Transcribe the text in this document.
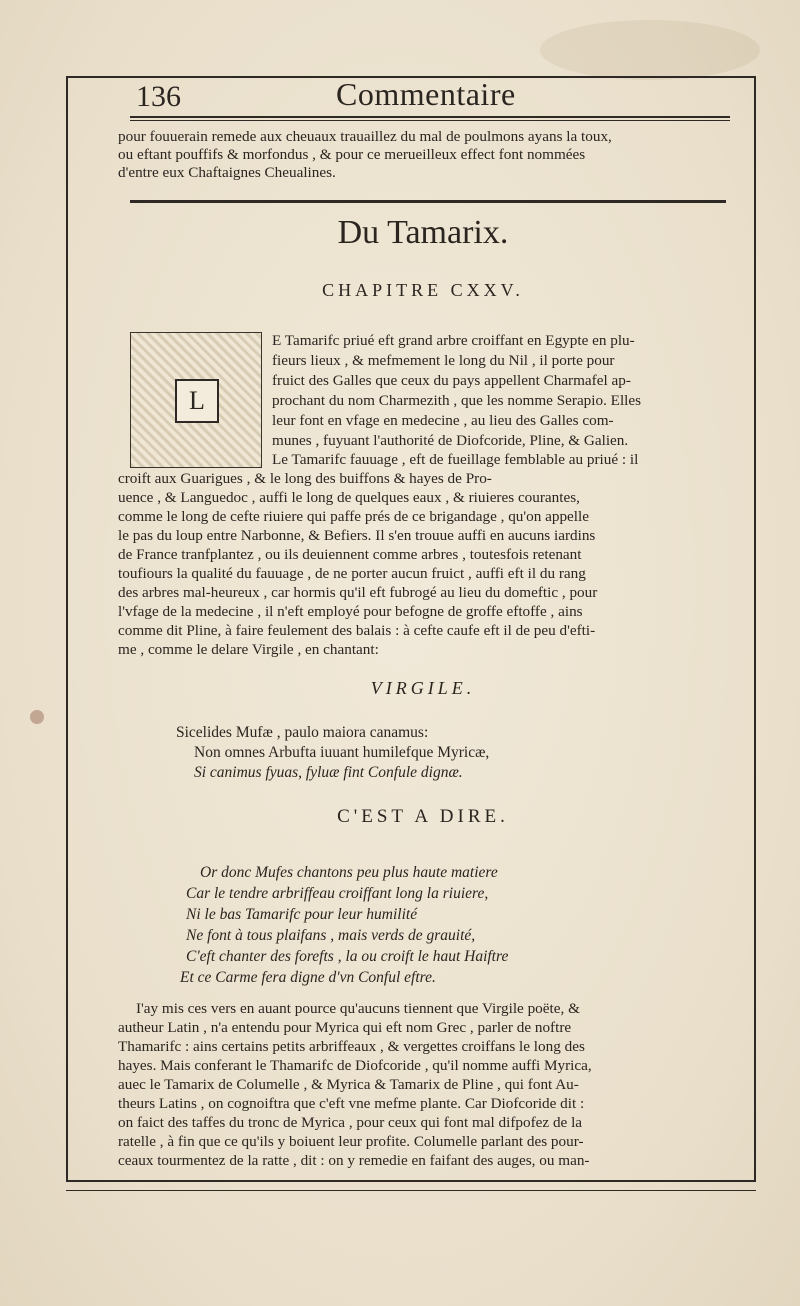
136	Commentaire

pour fouuerain remede aux cheuaux trauaillez du mal de poulmons ayans la toux,

ou eftant pouffifs & morfondus , & pour ce merueilleux effect font nommées

d'entre eux Chaftaignes Cheualines.

Du Tamarix.
CHAPITRE CXXV.
L

E Tamarifc priué eft grand arbre croiffant en Egypte en plu-

fieurs lieux , & mefmement le long du Nil , il porte pour

fruict des Galles que ceux du pays appellent Charmafel ap-

prochant du nom Charmezith , que les nomme Serapio. Elles

leur font en vfage en medecine , au lieu des Galles com-

munes , fuyuant l'authorité de Diofcoride, Pline, & Galien.

Le Tamarifc fauuage , eft de fueillage femblable au priué : il

croift aux Guarigues , & le long des buiffons & hayes de Pro-

uence , & Languedoc , auffi le long de quelques eaux , & riuieres courantes,

comme le long de cefte riuiere qui paffe prés de ce brigandage , qu'on appelle

le pas du loup entre Narbonne, & Befiers. Il s'en trouue auffi en aucuns iardins

de France tranfplantez , ou ils deuiennent comme arbres , toutesfois retenant

toufiours la qualité du fauuage , de ne porter aucun fruict , auffi eft il du rang

des arbres mal-heureux , car hormis qu'il eft fubrogé au lieu du domeftic , pour

l'vfage de la medecine , il n'eft employé pour befogne de groffe eftoffe , ains

comme dit Pline, à faire feulement des balais : à cefte caufe eft il de peu d'efti-

me , comme le delare Virgile , en chantant:

VIRGILE.

Sicelides Mufæ , paulo maiora canamus:

Non omnes Arbufta iuuant humilefque Myricæ,

Si canimus fyuas, fyluæ fint Confule dignæ.

C'EST A DIRE.

Or donc Mufes chantons peu plus haute matiere

Car le tendre arbriffeau croiffant long la riuiere,

Ni le bas Tamarifc pour leur humilité

Ne font à tous plaifans , mais verds de grauité,

C'eft chanter des forefts , la ou croift le haut Haiftre

Et ce Carme fera digne d'vn Conful eftre.

I'ay mis ces vers en auant pource qu'aucuns tiennent que Virgile poëte, &

autheur Latin , n'a entendu pour Myrica qui eft nom Grec , parler de noftre

Thamarifc : ains certains petits arbriffeaux , & vergettes croiffans le long des

hayes. Mais conferant le Thamarifc de Diofcoride , qu'il nomme auffi Myrica,

auec le Tamarix de Columelle , & Myrica & Tamarix de Pline , qui font Au-

theurs Latins , on cognoiftra que c'eft vne mefme plante. Car Diofcoride dit :

on faict des taffes du tronc de Myrica , pour ceux qui font mal difpofez de la

ratelle , à fin que ce qu'ils y boiuent leur profite. Columelle parlant des pour-

ceaux tourmentez de la ratte , dit : on y remedie en faifant des auges, ou man-
